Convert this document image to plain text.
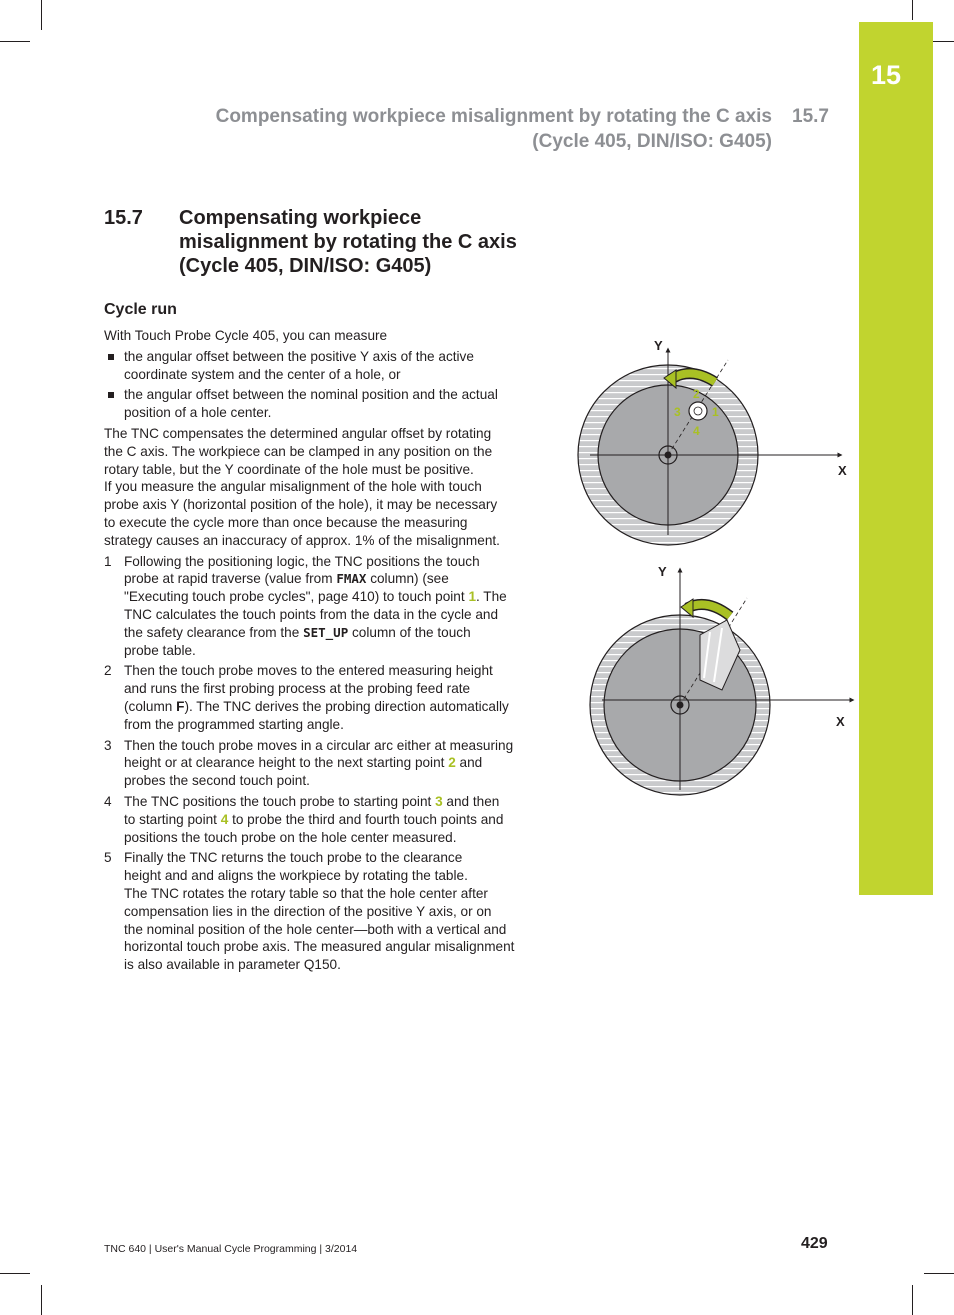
15
Compensating workpiece misalignment by rotating the C axis
(Cycle 405, DIN/ISO: G405)
15.7
15.7 Compensating workpiece
misalignment by rotating the C axis
(Cycle 405, DIN/ISO: G405)
Cycle run

With Touch Probe Cycle 405, you can measure

the angular offset between the positive Y axis of the active
coordinate system and the center of a hole, or
the angular offset between the nominal position and the actual
position of a hole center.

The TNC compensates the determined angular offset by rotating
the C axis. The workpiece can be clamped in any position on the
rotary table, but the Y coordinate of the hole must be positive.
If you measure the angular misalignment of the hole with touch
probe axis Y (horizontal position of the hole), it may be necessary
to execute the cycle more than once because the measuring
strategy causes an inaccuracy of approx. 1% of the misalignment.

1 Following the positioning logic, the TNC positions the touch
probe at rapid traverse (value from FMAX column) (see
"Executing touch probe cycles", page 410) to touch point 1. The
TNC calculates the touch points from the data in the cycle and
the safety clearance from the SET_UP column of the touch
probe table.
2 Then the touch probe moves to the entered measuring height
and runs the first probing process at the probing feed rate
(column F). The TNC derives the probing direction automatically
from the programmed starting angle.
3 Then the touch probe moves in a circular arc either at measuring
height or at clearance height to the next starting point 2 and
probes the second touch point.
4 The TNC positions the touch probe to starting point 3 and then
to starting point 4 to probe the third and fourth touch points and
positions the touch probe on the hole center measured.
5 Finally the TNC returns the touch probe to the clearance
height and and aligns the workpiece by rotating the table.
The TNC rotates the rotary table so that the hole center after
compensation lies in the direction of the positive Y axis, or on
the nominal position of the hole center—both with a vertical and
horizontal touch probe axis. The measured angular misalignment
is also available in parameter Q150.
Y
X
2
3	1
4
Y
X
TNC 640 | User's Manual Cycle Programming | 3/2014	429
